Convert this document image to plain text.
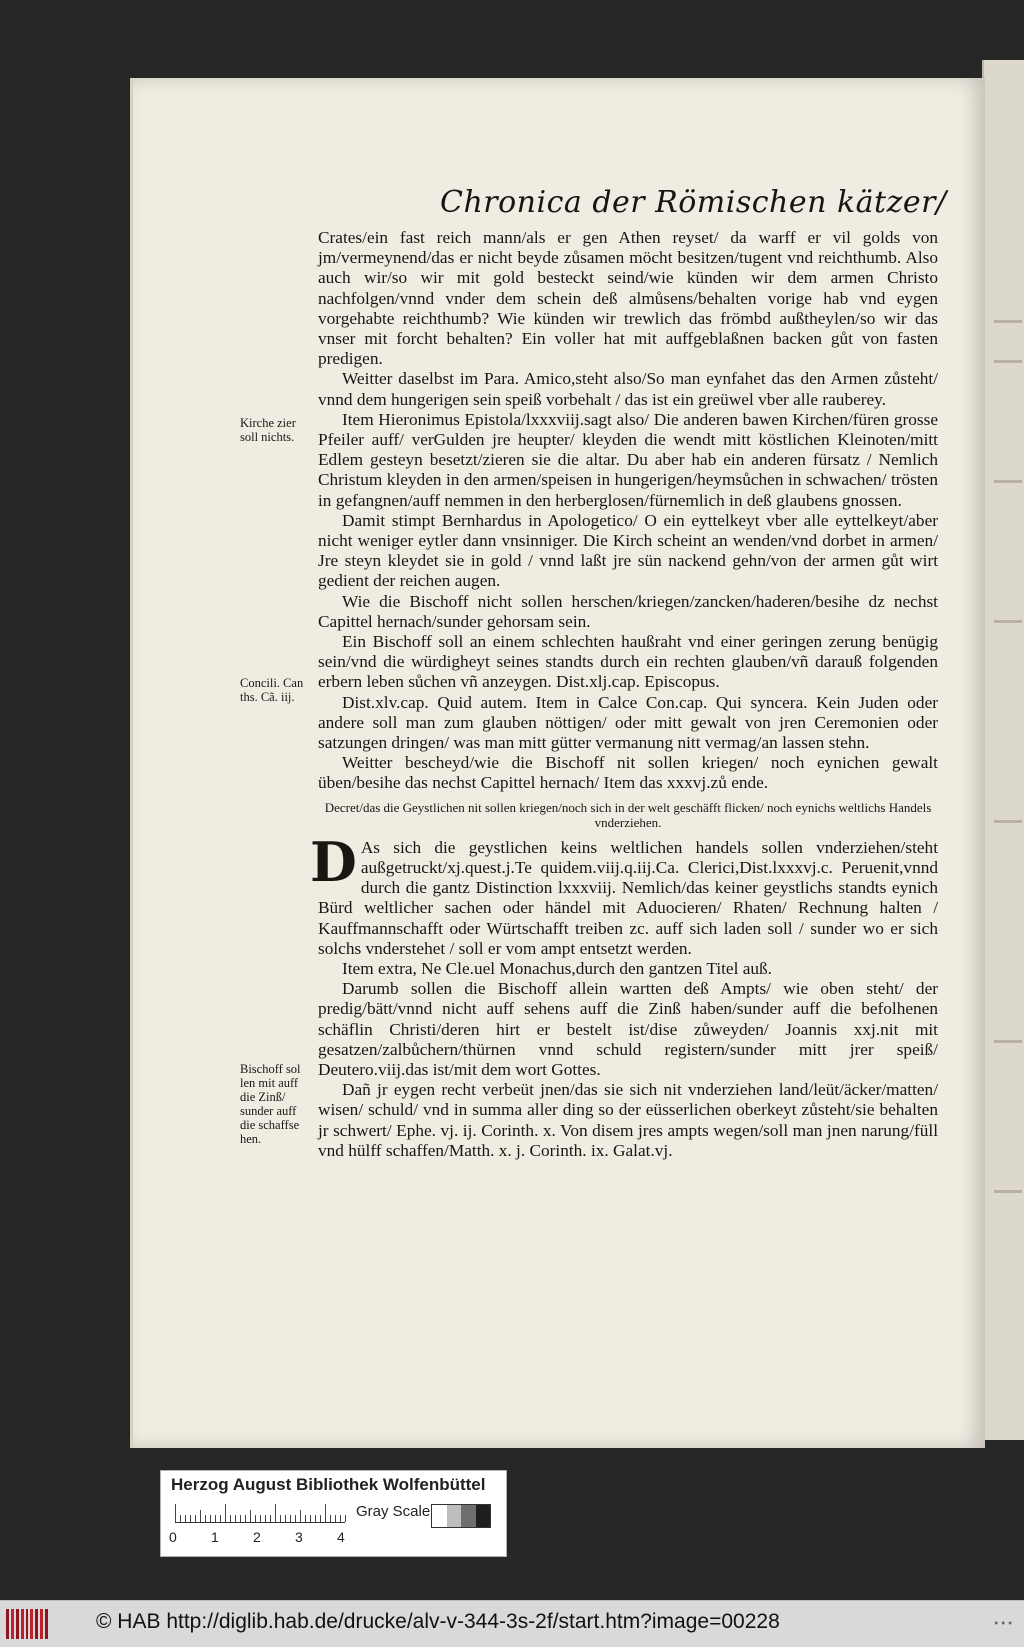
Chronica der Römischen kätzer/
Kirche zier
soll nichts.
Concili. Can
ths. Cã. iij.
Bischoff sol
len mit auff
die Zinß/
sunder auff
die schaffse
hen.

Crates/ein fast reich mann/als er gen Athen reyset/ da warff er vil golds von jm/vermeynend/das er nicht beyde zůsamen möcht besitzen/tugent vnd reichthumb. Also auch wir/so wir mit gold besteckt seind/wie künden wir dem armen Christo nachfolgen/vnnd vnder dem schein deß almůsens/behalten vorige hab vnd eygen vorgehabte reichthumb? Wie künden wir trewlich das frömbd außtheylen/so wir das vnser mit forcht behalten? Ein voller hat mit auffgeblaßnen backen gůt von fasten predigen.

Weitter daselbst im Para. Amico,steht also/So man eynfahet das den Armen zůsteht/ vnnd dem hungerigen sein speiß vorbehalt / das ist ein greüwel vber alle rauberey.

Item Hieronimus Epistola/lxxxviij.sagt also/ Die anderen bawen Kirchen/füren grosse Pfeiler auff/ verGulden jre heupter/ kleyden die wendt mitt köstlichen Kleinoten/mitt Edlem gesteyn besetzt/zieren sie die altar. Du aber hab ein anderen fürsatz / Nemlich Christum kleyden in den armen/speisen in hungerigen/heymsůchen in schwachen/ trösten in gefangnen/auff nemmen in den herberglosen/fürnemlich in deß glaubens gnossen.

Damit stimpt Bernhardus in Apologetico/ O ein eyttelkeyt vber alle eyttelkeyt/aber nicht weniger eytler dann vnsinniger. Die Kirch scheint an wenden/vnd dorbet in armen/ Jre steyn kleydet sie in gold / vnnd laßt jre sün nackend gehn/von der armen gůt wirt gedient der reichen augen.

Wie die Bischoff nicht sollen herschen/kriegen/zancken/haderen/besihe dz nechst Capittel hernach/sunder gehorsam sein.

Ein Bischoff soll an einem schlechten haußraht vnd einer geringen zerung benügig sein/vnd die würdigheyt seines standts durch ein rechten glauben/vñ darauß folgenden erbern leben sůchen vñ anzeygen. Dist.xlj.cap. Episcopus.

Dist.xlv.cap. Quid autem. Item in Calce Con.cap. Qui syncera. Kein Juden oder andere soll man zum glauben nöttigen/ oder mitt gewalt von jren Ceremonien oder satzungen dringen/ was man mitt gütter vermanung nitt vermag/an lassen stehn.

Weitter bescheyd/wie die Bischoff nit sollen kriegen/ noch eynichen gewalt üben/besihe das nechst Capittel hernach/ Item das xxxvj.zů ende.

Decret/das die Geystlichen nit sollen kriegen/noch sich in der welt geschäfft flicken/ noch eynichs weltlichs Handels vnderziehen.

D As sich die geystlichen keins weltlichen handels sollen vnderziehen/steht außgetruckt/xj.quest.j.Te quidem.viij.q.iij.Ca. Clerici,Dist.lxxxvj.c. Peruenit,vnnd durch die gantz Distinction lxxxviij. Nemlich/das keiner geystlichs standts eynich Bürd weltlicher sachen oder händel mit Aduocieren/ Rhaten/ Rechnung halten / Kauffmannschafft oder Würtschafft treiben zc. auff sich laden soll / sunder wo er sich solchs vnderstehet / soll er vom ampt entsetzt werden.

Item extra, Ne Cle.uel Monachus,durch den gantzen Titel auß.

Darumb sollen die Bischoff allein wartten deß Ampts/ wie oben steht/ der predig/bätt/vnnd nicht auff sehens auff die Zinß haben/sunder auff die befolhenen schäflin Christi/deren hirt er bestelt ist/dise zůweyden/ Joannis xxj.nit mit gesatzen/zalbůchern/thürnen vnnd schuld registern/sunder mitt jrer speiß/ Deutero.viij.das ist/mit dem wort Gottes.

Dañ jr eygen recht verbeüt jnen/das sie sich nit vnderziehen land/leüt/äcker/matten/ wisen/ schuld/ vnd in summa aller ding so der eüsserlichen oberkeyt zůsteht/sie behalten jr schwert/ Ephe. vj. ij. Corinth. x. Von disem jres ampts wegen/soll man jnen narung/füll vnd hülff schaffen/Matth. x. j. Corinth. ix. Galat.vj.

Herzog August Bibliothek Wolfenbüttel
0 1 2 3 4
Gray Scale
© HAB http://diglib.hab.de/drucke/alv-v-344-3s-2f/start.htm?image=00228	•••
